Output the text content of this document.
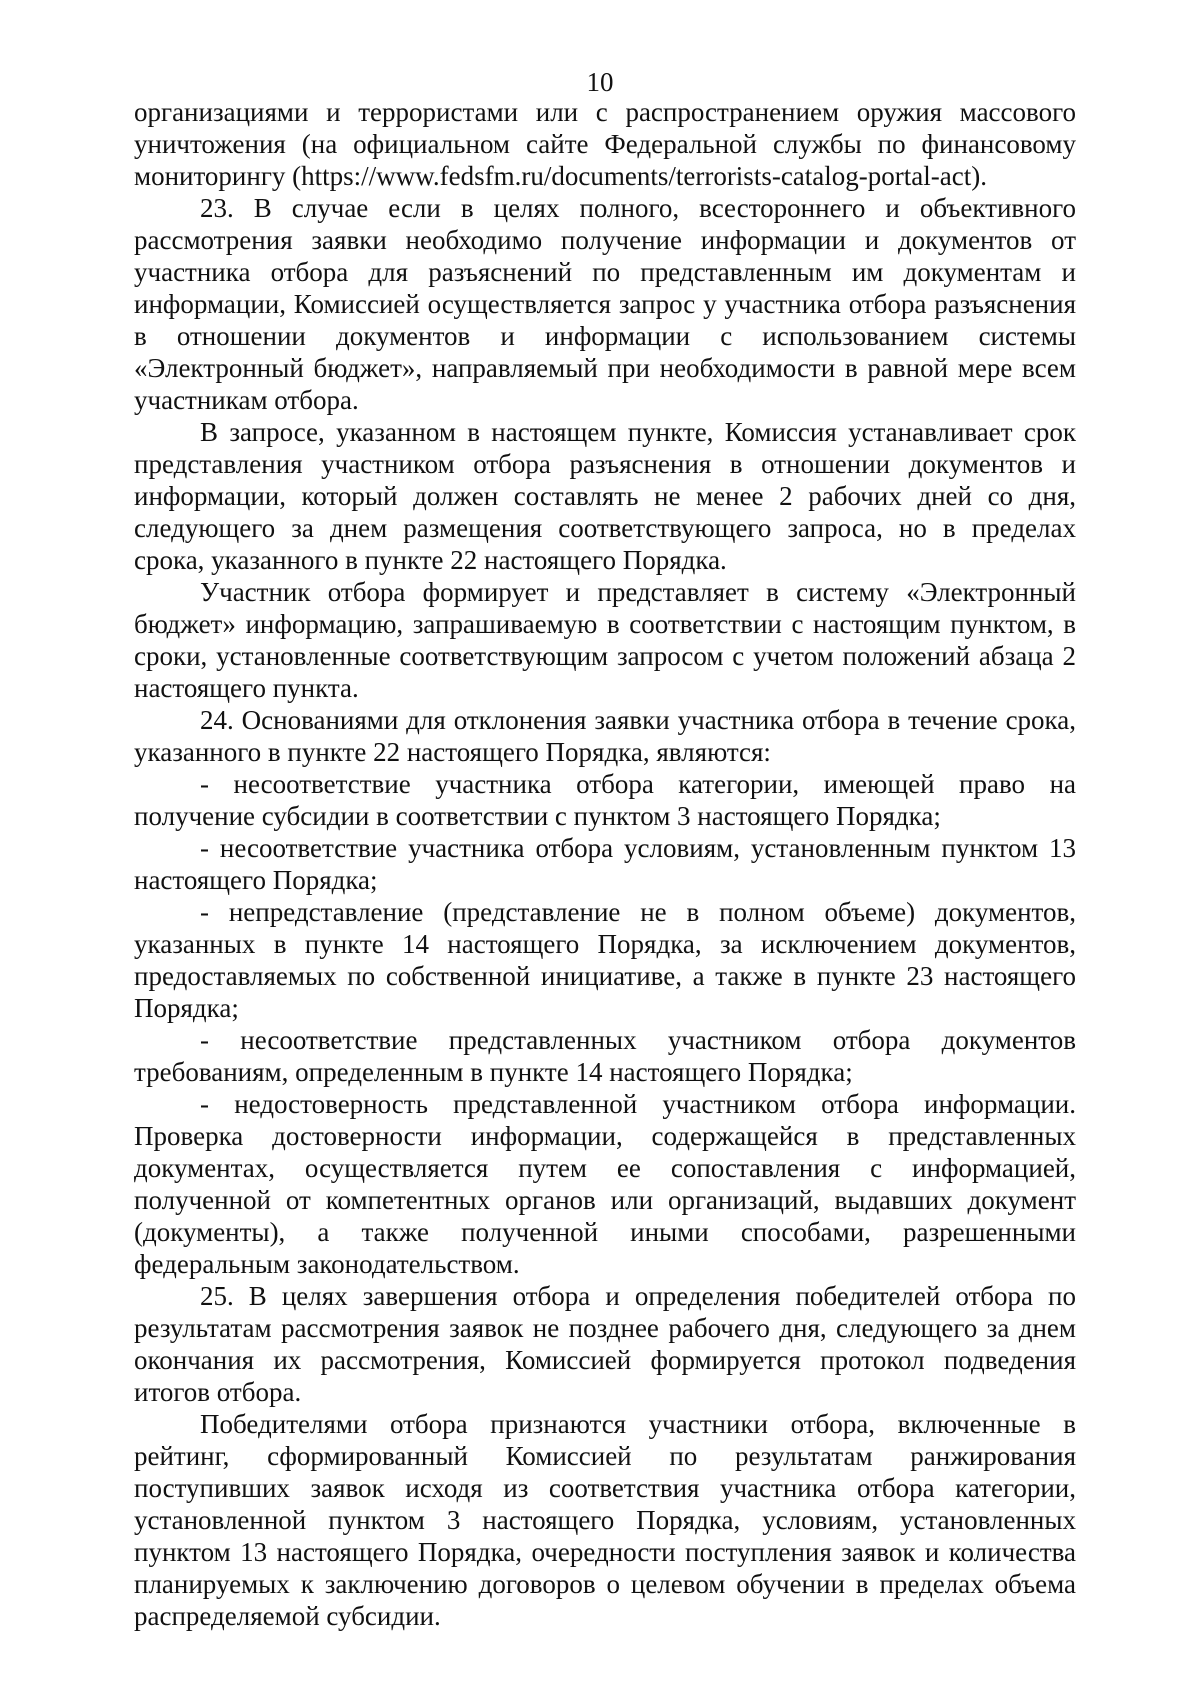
10

организациями и террористами или с распространением оружия массового уничтожения (на официальном сайте Федеральной службы по финансовому мониторингу (https://www.fedsfm.ru/documents/terrorists-catalog-portal-act).

23. В случае если в целях полного, всестороннего и объективного рассмотрения заявки необходимо получение информации и документов от участника отбора для разъяснений по представленным им документам и информации, Комиссией осуществляется запрос у участника отбора разъяснения в отношении документов и информации с использованием системы «Электронный бюджет», направляемый при необходимости в равной мере всем участникам отбора.

В запросе, указанном в настоящем пункте, Комиссия устанавливает срок представления участником отбора разъяснения в отношении документов и информации, который должен составлять не менее 2 рабочих дней со дня, следующего за днем размещения соответствующего запроса, но в пределах срока, указанного в пункте 22 настоящего Порядка.

Участник отбора формирует и представляет в систему «Электронный бюджет» информацию, запрашиваемую в соответствии с настоящим пунктом, в сроки, установленные соответствующим запросом с учетом положений абзаца 2 настоящего пункта.

24. Основаниями для отклонения заявки участника отбора в течение срока, указанного в пункте 22 настоящего Порядка, являются:

- несоответствие участника отбора категории, имеющей право на получение субсидии в соответствии с пунктом 3 настоящего Порядка;

- несоответствие участника отбора условиям, установленным пунктом 13 настоящего Порядка;

- непредставление (представление не в полном объеме) документов, указанных в пункте 14 настоящего Порядка, за исключением документов, предоставляемых по собственной инициативе, а также в пункте 23 настоящего Порядка;

- несоответствие представленных участником отбора документов требованиям, определенным в пункте 14 настоящего Порядка;

- недостоверность представленной участником отбора информации. Проверка достоверности информации, содержащейся в представленных документах, осуществляется путем ее сопоставления с информацией, полученной от компетентных органов или организаций, выдавших документ (документы), а также полученной иными способами, разрешенными федеральным законодательством.

25. В целях завершения отбора и определения победителей отбора по результатам рассмотрения заявок не позднее рабочего дня, следующего за днем окончания их рассмотрения, Комиссией формируется протокол подведения итогов отбора.

Победителями отбора признаются участники отбора, включенные в рейтинг, сформированный Комиссией по результатам ранжирования поступивших заявок исходя из соответствия участника отбора категории, установленной пунктом 3 настоящего Порядка, условиям, установленных пунктом 13 настоящего Порядка, очередности поступления заявок и количества планируемых к заключению договоров о целевом обучении в пределах объема распределяемой субсидии.
